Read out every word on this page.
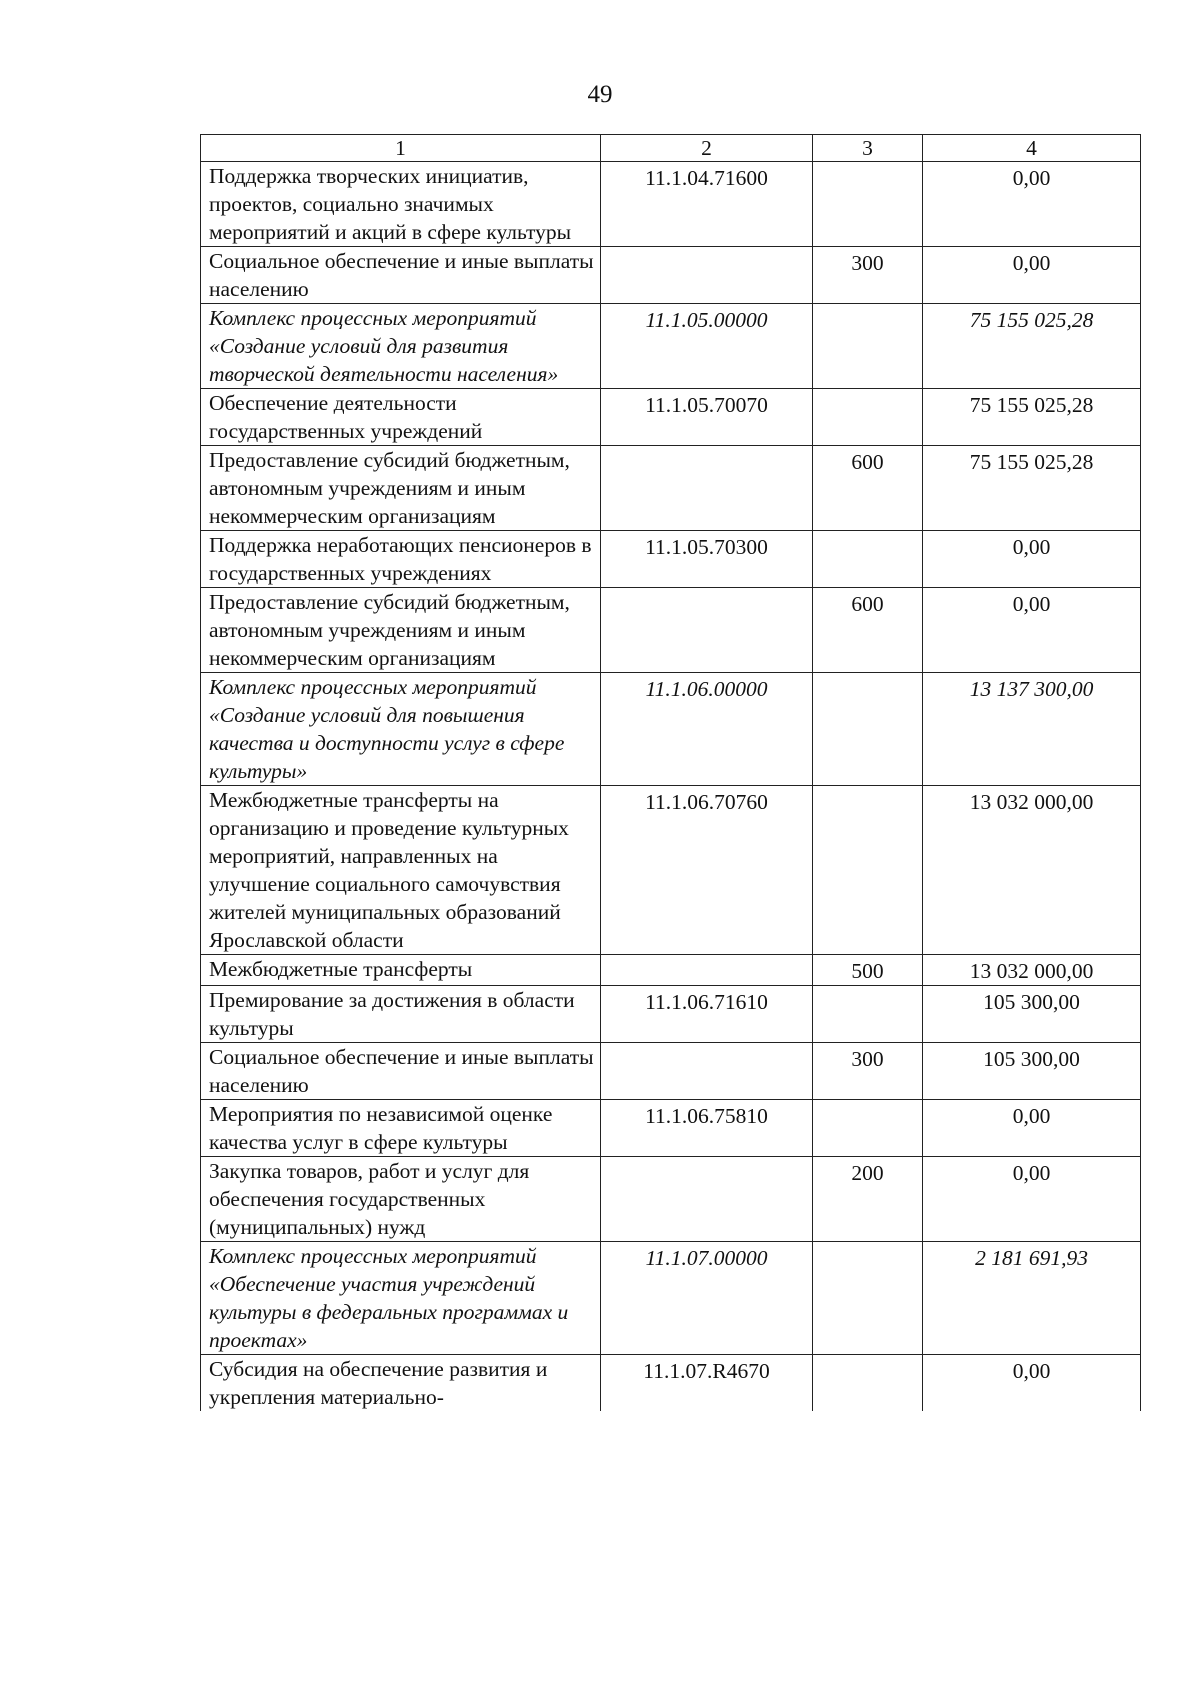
49
1	2	3	4
Поддержка творческих инициатив, проектов, социально значимых мероприятий и акций в сфере культуры	11.1.04.71600		0,00
Социальное обеспечение и иные выплаты населению		300	0,00
Комплекс процессных мероприятий «Создание условий для развития творческой деятельности населения»	11.1.05.00000		75 155 025,28
Обеспечение деятельности государственных учреждений	11.1.05.70070		75 155 025,28
Предоставление субсидий бюджетным, автономным учреждениям и иным некоммерческим организациям		600	75 155 025,28
Поддержка неработающих пенсионеров в государственных учреждениях	11.1.05.70300		0,00
Предоставление субсидий бюджетным, автономным учреждениям и иным некоммерческим организациям		600	0,00
Комплекс процессных мероприятий «Создание условий для повышения качества и доступности услуг в сфере культуры»	11.1.06.00000		13 137 300,00
Межбюджетные трансферты на организацию и проведение культурных мероприятий, направленных на улучшение социального самочувствия жителей муниципальных образований Ярославской области	11.1.06.70760		13 032 000,00
Межбюджетные трансферты		500	13 032 000,00
Премирование за достижения в области культуры	11.1.06.71610		105 300,00
Социальное обеспечение и иные выплаты населению		300	105 300,00
Мероприятия по независимой оценке качества услуг в сфере культуры	11.1.06.75810		0,00
Закупка товаров, работ и услуг для обеспечения государственных (муниципальных) нужд		200	0,00
Комплекс процессных мероприятий «Обеспечение участия учреждений культуры в федеральных программах и проектах»	11.1.07.00000		2 181 691,93
Субсидия на обеспечение развития и укрепления материально-	11.1.07.R4670		0,00
